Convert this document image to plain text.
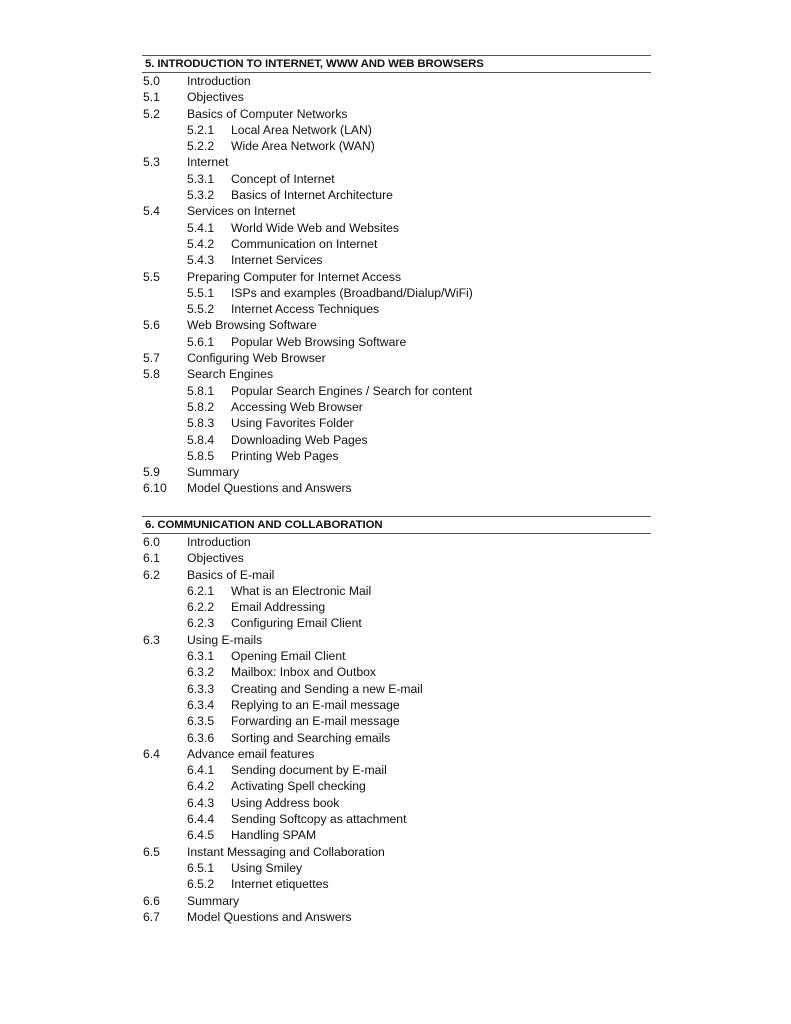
5. INTRODUCTION TO INTERNET, WWW AND WEB BROWSERS
5.0 Introduction
5.1 Objectives
5.2 Basics of Computer Networks
5.2.1 Local Area Network (LAN)
5.2.2 Wide Area Network (WAN)
5.3 Internet
5.3.1 Concept of Internet
5.3.2 Basics of Internet Architecture
5.4 Services on Internet
5.4.1 World Wide Web and Websites
5.4.2 Communication on Internet
5.4.3 Internet Services
5.5 Preparing Computer for Internet Access
5.5.1 ISPs and examples (Broadband/Dialup/WiFi)
5.5.2 Internet Access Techniques
5.6 Web Browsing Software
5.6.1 Popular Web Browsing Software
5.7 Configuring Web Browser
5.8 Search Engines
5.8.1 Popular Search Engines / Search for content
5.8.2 Accessing Web Browser
5.8.3 Using Favorites Folder
5.8.4 Downloading Web Pages
5.8.5 Printing Web Pages
5.9 Summary
6.10 Model Questions and Answers
6. COMMUNICATION AND COLLABORATION
6.0 Introduction
6.1 Objectives
6.2 Basics of E-mail
6.2.1 What is an Electronic Mail
6.2.2 Email Addressing
6.2.3 Configuring Email Client
6.3 Using E-mails
6.3.1 Opening Email Client
6.3.2 Mailbox: Inbox and Outbox
6.3.3 Creating and Sending a new E-mail
6.3.4 Replying to an E-mail message
6.3.5 Forwarding an E-mail message
6.3.6 Sorting and Searching emails
6.4 Advance email features
6.4.1 Sending document by E-mail
6.4.2 Activating Spell checking
6.4.3 Using Address book
6.4.4 Sending Softcopy as attachment
6.4.5 Handling SPAM
6.5 Instant Messaging and Collaboration
6.5.1 Using Smiley
6.5.2 Internet etiquettes
6.6 Summary
6.7 Model Questions and Answers
